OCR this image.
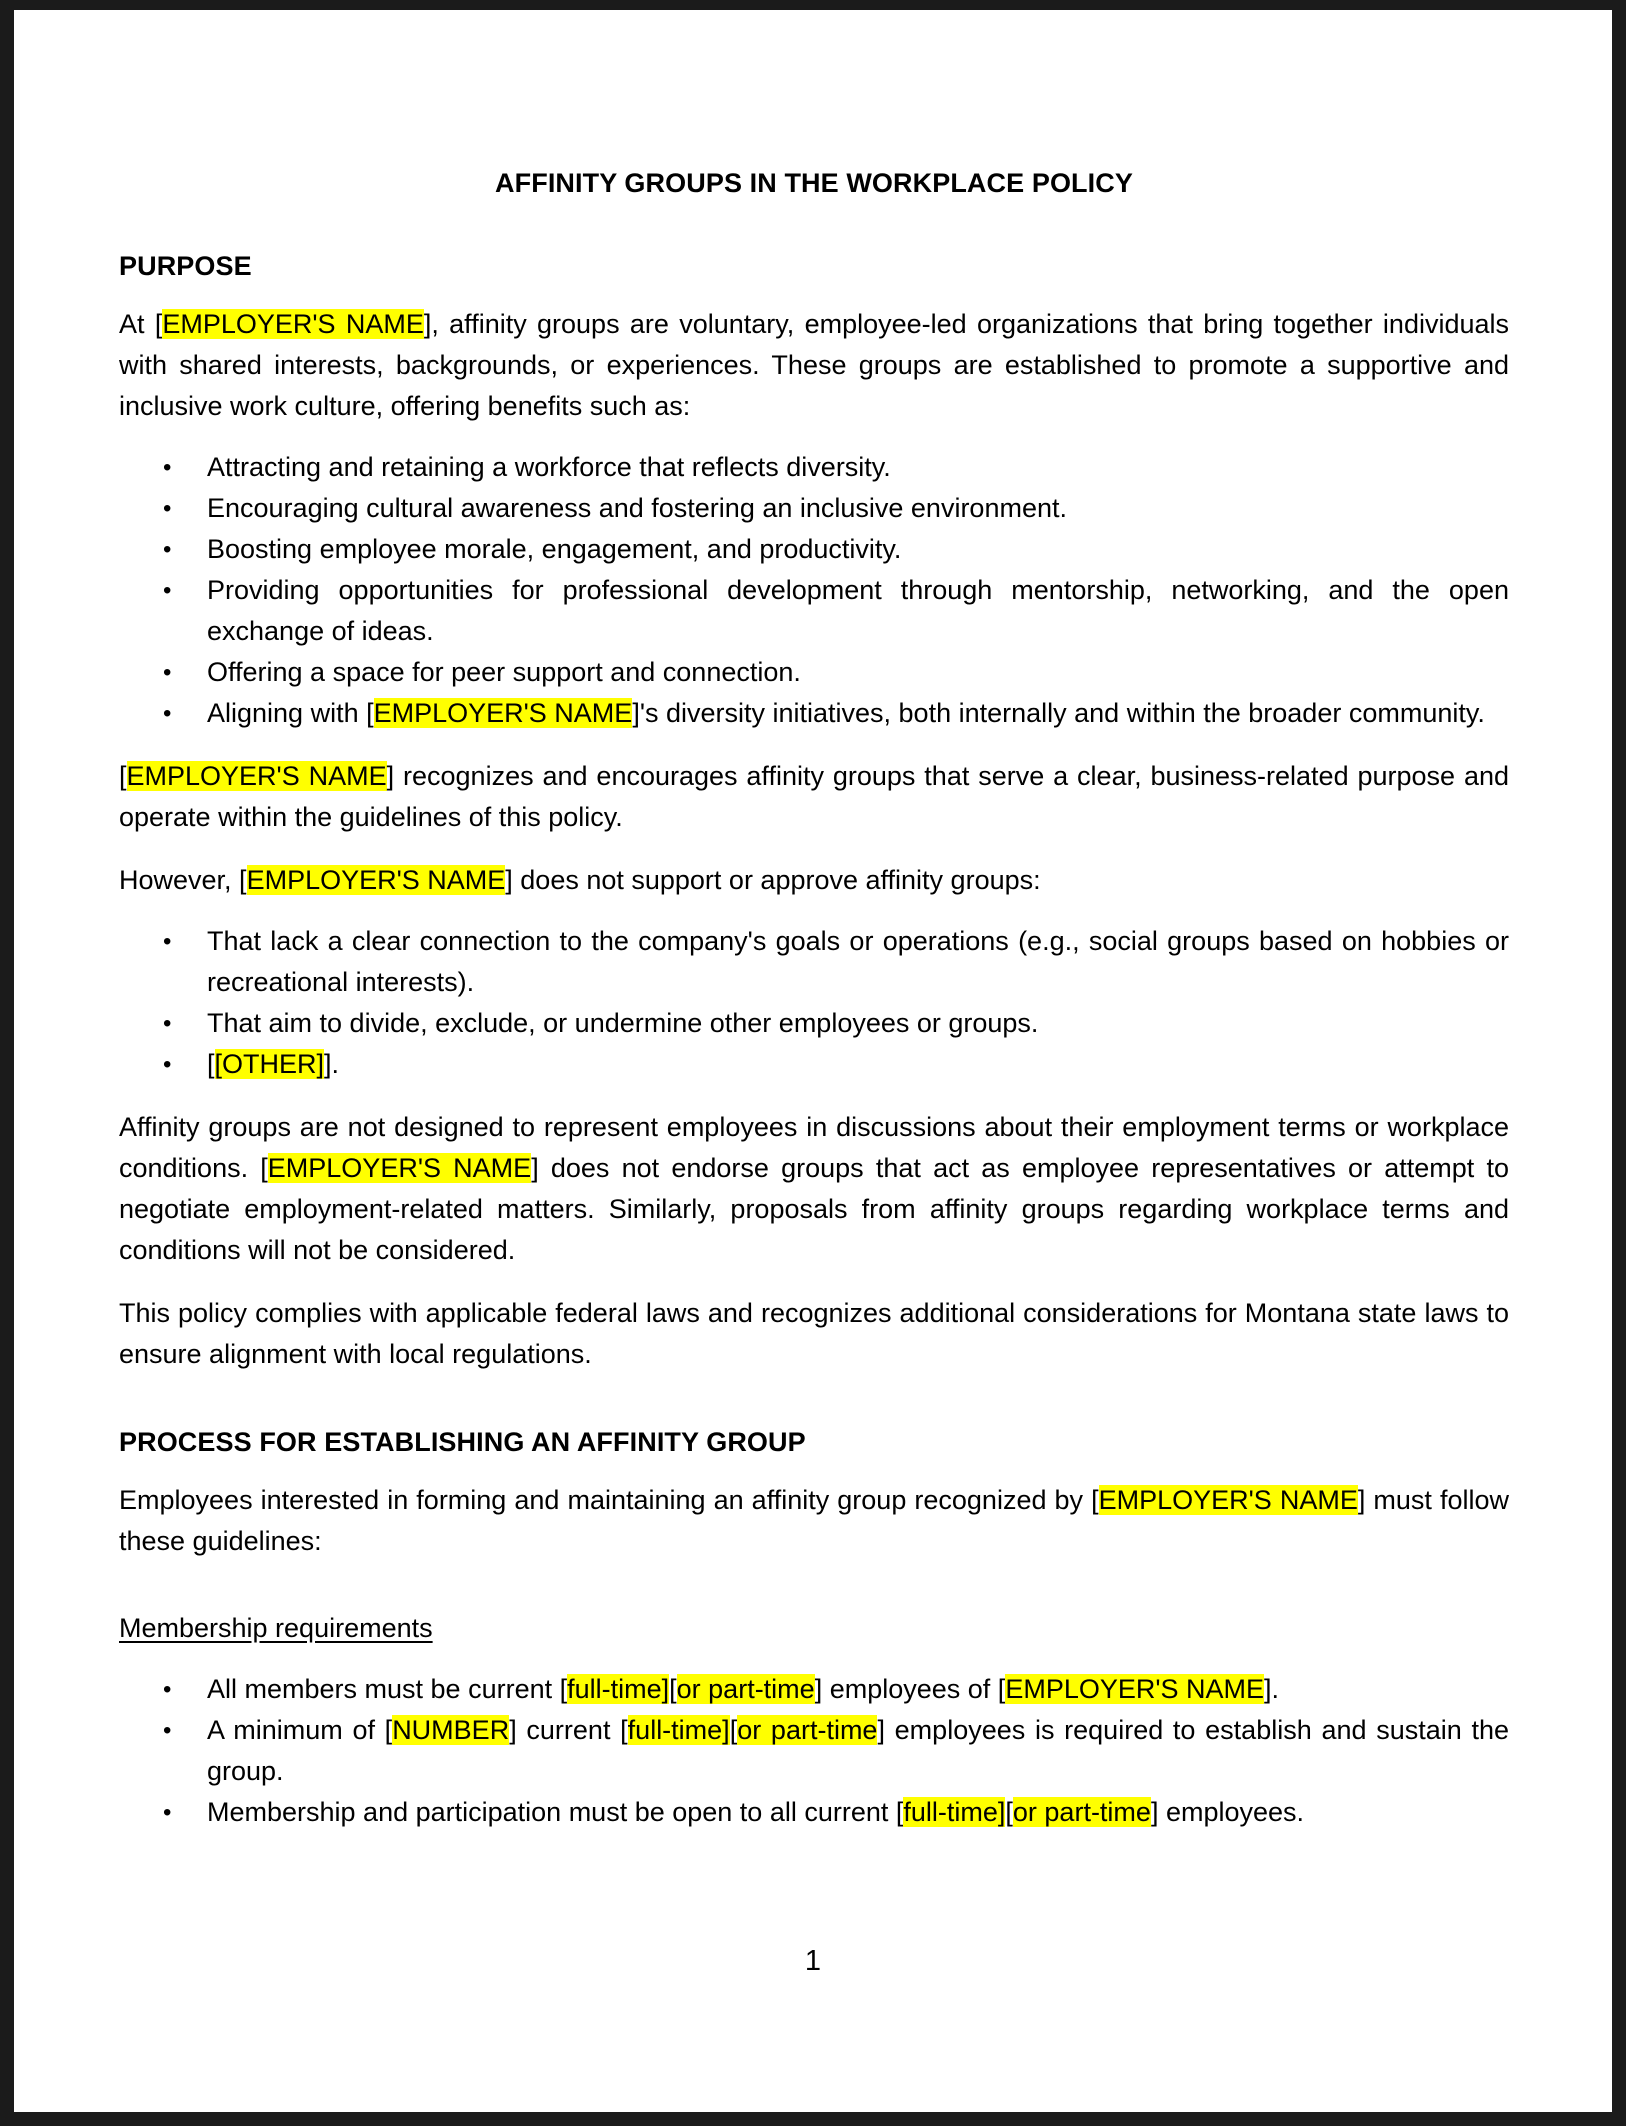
AFFINITY GROUPS IN THE WORKPLACE POLICY
PURPOSE

At [EMPLOYER'S NAME], affinity groups are voluntary, employee-led organizations that bring together individuals with shared interests, backgrounds, or experiences. These groups are established to promote a supportive and inclusive work culture, offering benefits such as:

• Attracting and retaining a workforce that reflects diversity.
• Encouraging cultural awareness and fostering an inclusive environment.
• Boosting employee morale, engagement, and productivity.
• Providing opportunities for professional development through mentorship, networking, and the open exchange of ideas.
• Offering a space for peer support and connection.
• Aligning with [EMPLOYER'S NAME]'s diversity initiatives, both internally and within the broader community.

[EMPLOYER'S NAME] recognizes and encourages affinity groups that serve a clear, business-related purpose and operate within the guidelines of this policy.

However, [EMPLOYER'S NAME] does not support or approve affinity groups:

• That lack a clear connection to the company's goals or operations (e.g., social groups based on hobbies or recreational interests).
• That aim to divide, exclude, or undermine other employees or groups.
• [[OTHER]].

Affinity groups are not designed to represent employees in discussions about their employment terms or workplace conditions. [EMPLOYER'S NAME] does not endorse groups that act as employee representatives or attempt to negotiate employment-related matters. Similarly, proposals from affinity groups regarding workplace terms and conditions will not be considered.

This policy complies with applicable federal laws and recognizes additional considerations for Montana state laws to ensure alignment with local regulations.

PROCESS FOR ESTABLISHING AN AFFINITY GROUP

Employees interested in forming and maintaining an affinity group recognized by [EMPLOYER'S NAME] must follow these guidelines:

Membership requirements

• All members must be current [full-time][or part-time] employees of [EMPLOYER'S NAME].
• A minimum of [NUMBER] current [full-time][or part-time] employees is required to establish and sustain the group.
• Membership and participation must be open to all current [full-time][or part-time] employees.
1
